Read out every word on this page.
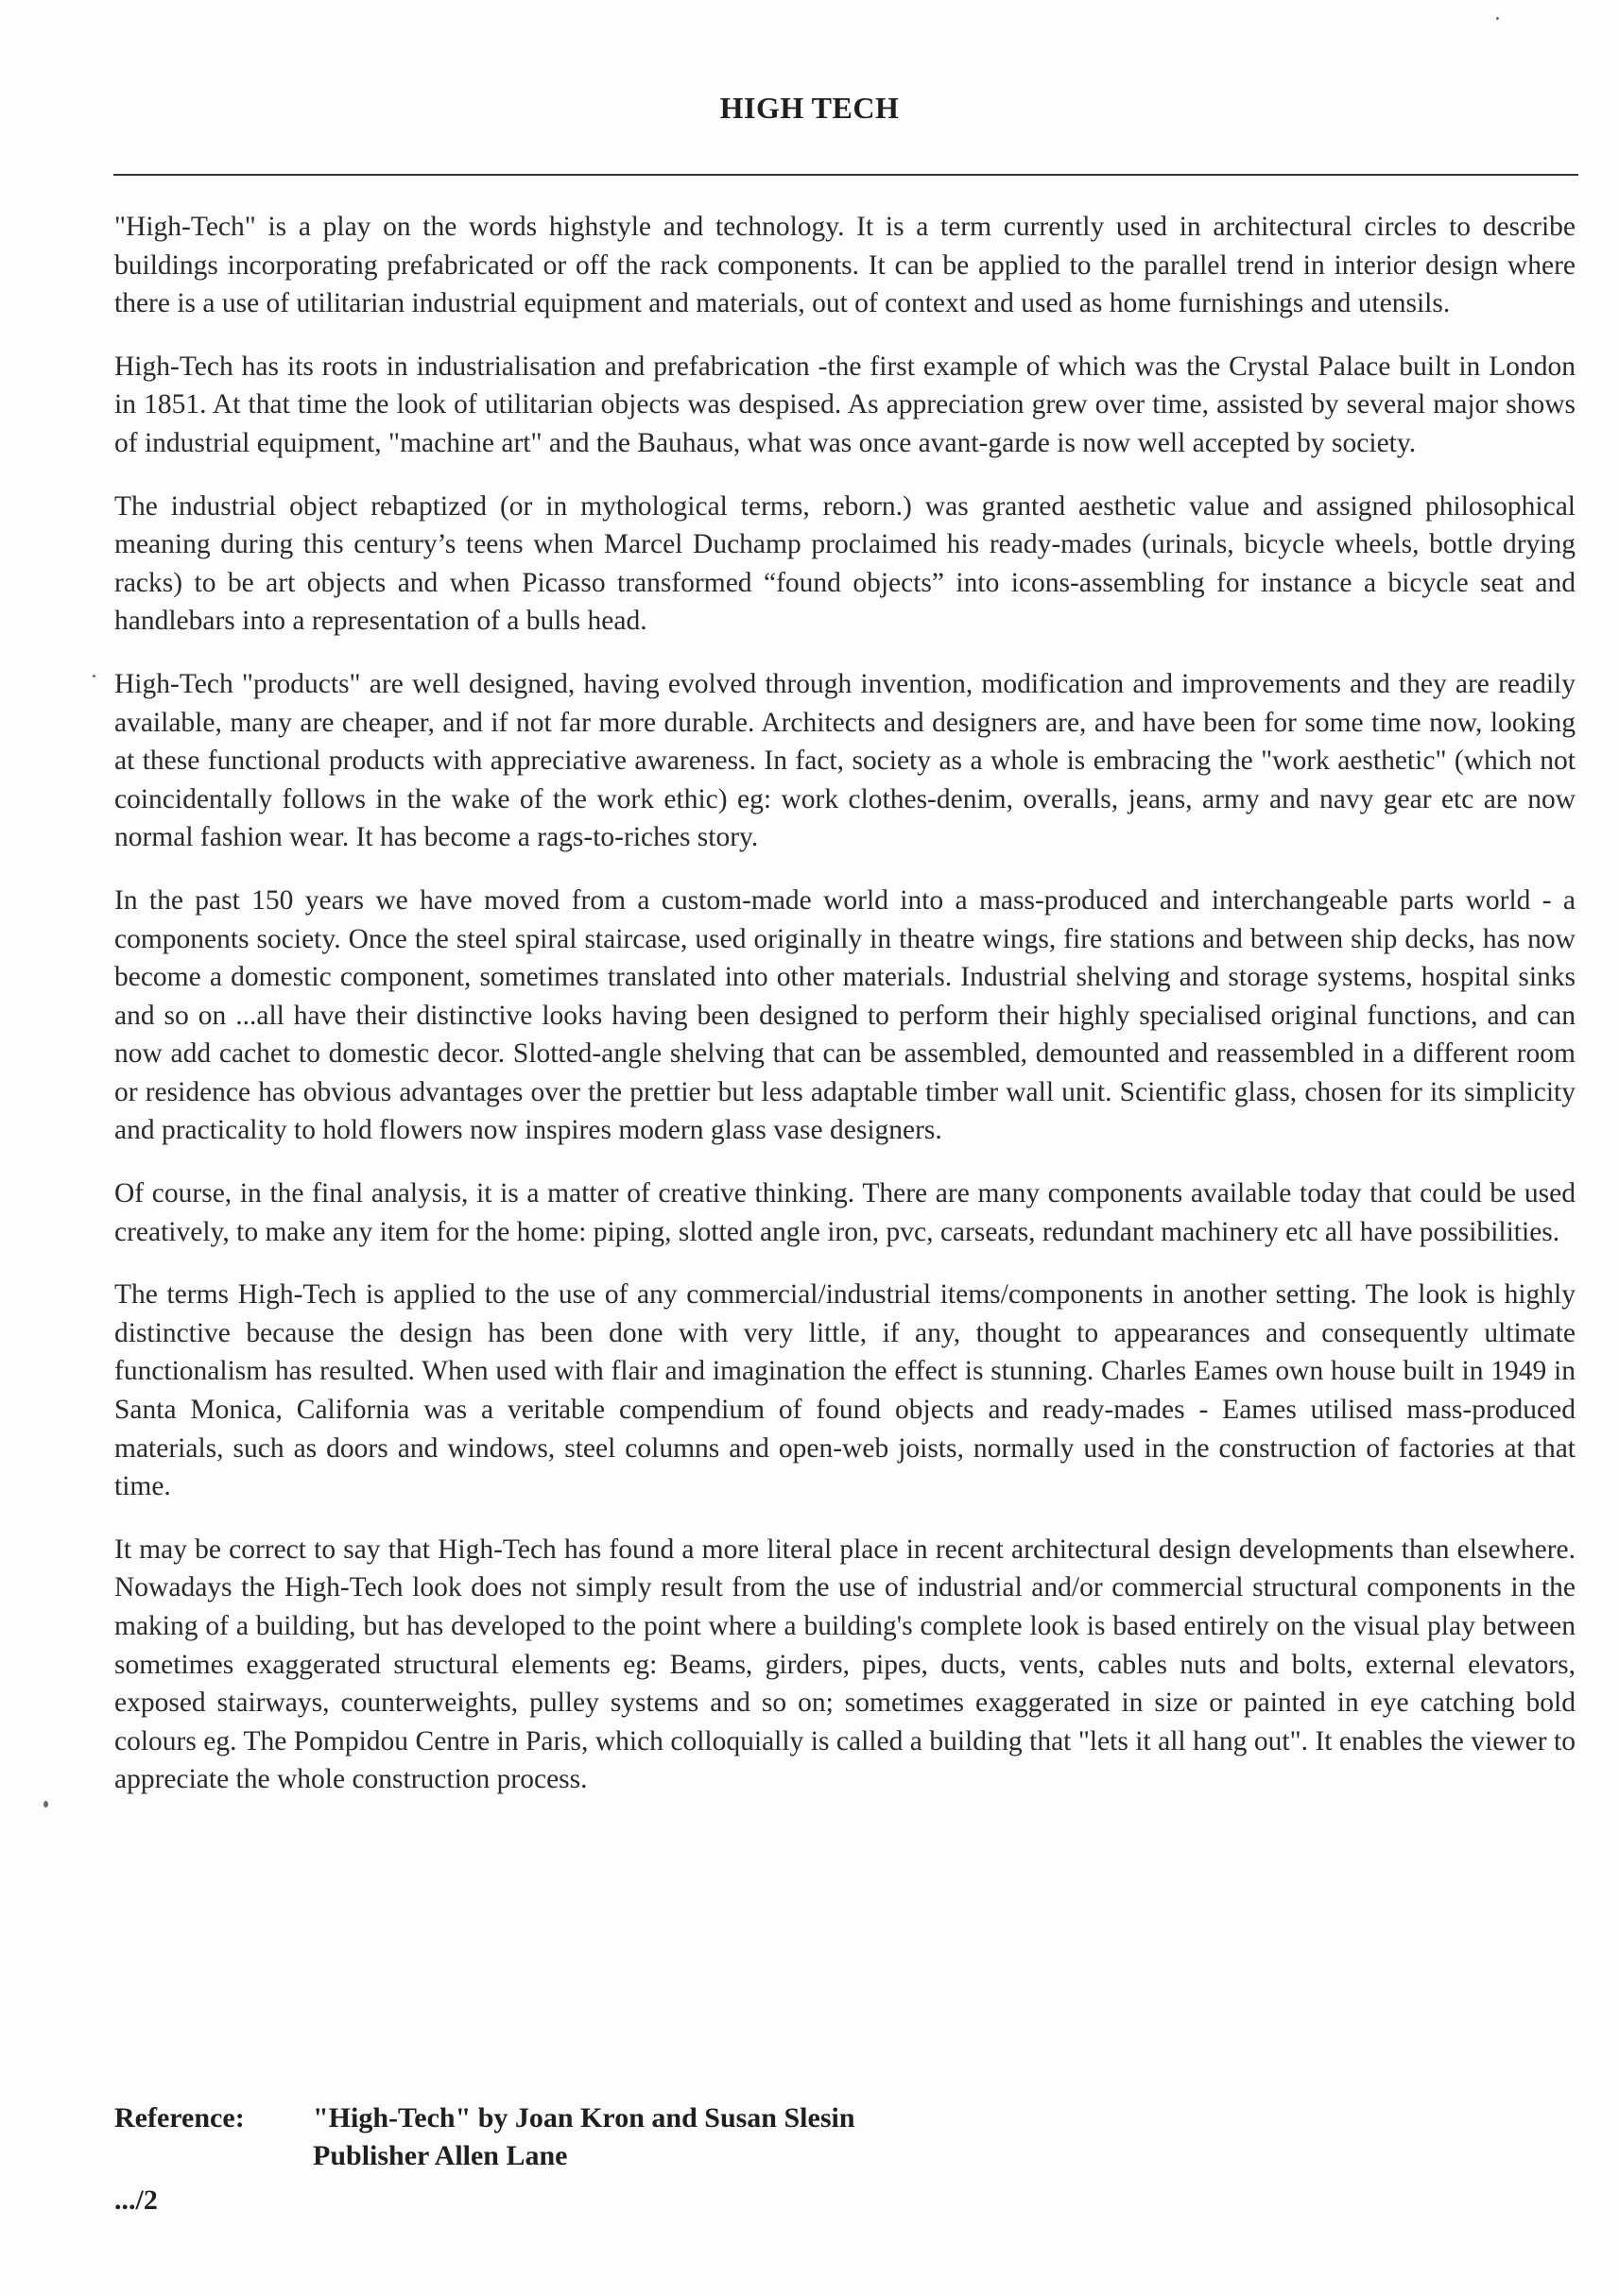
HIGH TECH

"High-Tech" is a play on the words highstyle and technology. It is a term currently used in architectural circles to describe buildings incorporating prefabricated or off the rack components. It can be applied to the parallel trend in interior design where there is a use of utilitarian industrial equipment and materials, out of context and used as home furnishings and utensils.

High-Tech has its roots in industrialisation and prefabrication -the first example of which was the Crystal Palace built in London in 1851. At that time the look of utilitarian objects was despised. As appreciation grew over time, assisted by several major shows of industrial equipment, "machine art" and the Bauhaus, what was once avant-garde is now well accepted by society.

The industrial object rebaptized (or in mythological terms, reborn.) was granted aesthetic value and assigned philosophical meaning during this century’s teens when Marcel Duchamp proclaimed his ready-mades (urinals, bicycle wheels, bottle drying racks) to be art objects and when Picasso transformed “found objects” into icons-assembling for instance a bicycle seat and handlebars into a representation of a bulls head.

High-Tech "products" are well designed, having evolved through invention, modification and improvements and they are readily available, many are cheaper, and if not far more durable. Architects and designers are, and have been for some time now, looking at these functional products with appreciative awareness. In fact, society as a whole is embracing the "work aesthetic" (which not coincidentally follows in the wake of the work ethic) eg: work clothes-denim, overalls, jeans, army and navy gear etc are now normal fashion wear. It has become a rags-to-riches story.

In the past 150 years we have moved from a custom-made world into a mass-produced and interchangeable parts world - a components society. Once the steel spiral staircase, used originally in theatre wings, fire stations and between ship decks, has now become a domestic component, sometimes translated into other materials. Industrial shelving and storage systems, hospital sinks and so on ...all have their distinctive looks having been designed to perform their highly specialised original functions, and can now add cachet to domestic decor. Slotted-angle shelving that can be assembled, demounted and reassembled in a different room or residence has obvious advantages over the prettier but less adaptable timber wall unit. Scientific glass, chosen for its simplicity and practicality to hold flowers now inspires modern glass vase designers.

Of course, in the final analysis, it is a matter of creative thinking. There are many components available today that could be used creatively, to make any item for the home: piping, slotted angle iron, pvc, carseats, redundant machinery etc all have possibilities.

The terms High-Tech is applied to the use of any commercial/industrial items/components in another setting. The look is highly distinctive because the design has been done with very little, if any, thought to appearances and consequently ultimate functionalism has resulted. When used with flair and imagination the effect is stunning. Charles Eames own house built in 1949 in Santa Monica, California was a veritable compendium of found objects and ready-mades - Eames utilised mass-produced materials, such as doors and windows, steel columns and open-web joists, normally used in the construction of factories at that time.

It may be correct to say that High-Tech has found a more literal place in recent architectural design developments than elsewhere. Nowadays the High-Tech look does not simply result from the use of industrial and/or commercial structural components in the making of a building, but has developed to the point where a building's complete look is based entirely on the visual play between sometimes exaggerated structural elements eg: Beams, girders, pipes, ducts, vents, cables nuts and bolts, external elevators, exposed stairways, counterweights, pulley systems and so on; sometimes exaggerated in size or painted in eye catching bold colours eg. The Pompidou Centre in Paris, which colloquially is called a building that "lets it all hang out". It enables the viewer to appreciate the whole construction process.

Reference:	"High-Tech" by Joan Kron and Susan Slesin
Publisher Allen Lane
.../2
